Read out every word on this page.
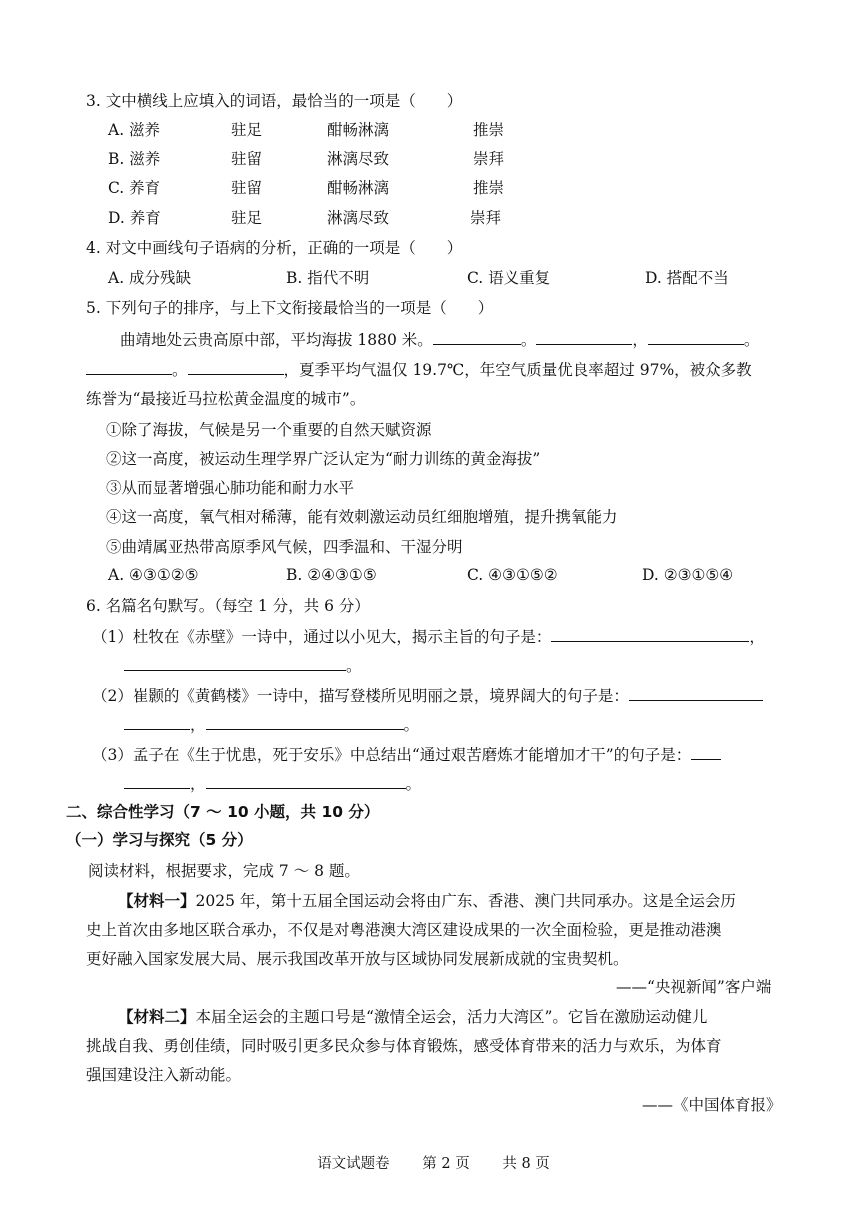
3. 文中横线上应填入的词语，最恰当的一项是（　　）
A. 滋养	驻足	酣畅淋漓	推崇
B. 滋养	驻留	淋漓尽致	崇拜
C. 养育	驻留	酣畅淋漓	推崇
D. 养育	驻足	淋漓尽致	崇拜
4. 对文中画线句子语病的分析，正确的一项是（　　）
A. 成分残缺	B. 指代不明	C. 语义重复	D. 搭配不当
5. 下列句子的排序，与上下文衔接最恰当的一项是（　　）
曲靖地处云贵高原中部，平均海拔 1880 米。	。	，	。
。	，夏季平均气温仅 19.7℃，年空气质量优良率超过 97%，被众多教
练誉为“最接近马拉松黄金温度的城市”。
①除了海拔，气候是另一个重要的自然天赋资源
②这一高度，被运动生理学界广泛认定为“耐力训练的黄金海拔”
③从而显著增强心肺功能和耐力水平
④这一高度，氧气相对稀薄，能有效刺激运动员红细胞增殖，提升携氧能力
⑤曲靖属亚热带高原季风气候，四季温和、干湿分明
A. ④③①②⑤	B. ②④③①⑤	C. ④③①⑤②	D. ②③①⑤④
6. 名篇名句默写。（每空 1 分，共 6 分）
（1）杜牧在《赤壁》一诗中，通过以小见大，揭示主旨的句子是：	，
。
（2）崔颢的《黄鹤楼》一诗中，描写登楼所见明丽之景，境界阔大的句子是：
，	。
（3）孟子在《生于忧患，死于安乐》中总结出“通过艰苦磨炼才能增加才干”的句子是：
，	。
二、综合性学习（7 ～ 10 小题，共 10 分）
（一）学习与探究（5 分）
阅读材料，根据要求，完成 7 ～ 8 题。
【材料一】2025 年，第十五届全国运动会将由广东、香港、澳门共同承办。这是全运会历
史上首次由多地区联合承办，不仅是对粤港澳大湾区建设成果的一次全面检验，更是推动港澳
更好融入国家发展大局、展示我国改革开放与区域协同发展新成就的宝贵契机。
——“央视新闻”客户端
【材料二】本届全运会的主题口号是“激情全运会，活力大湾区”。它旨在激励运动健儿
挑战自我、勇创佳绩，同时吸引更多民众参与体育锻炼，感受体育带来的活力与欢乐，为体育
强国建设注入新动能。
——《中国体育报》
语文试题卷 第 2 页 共 8 页
